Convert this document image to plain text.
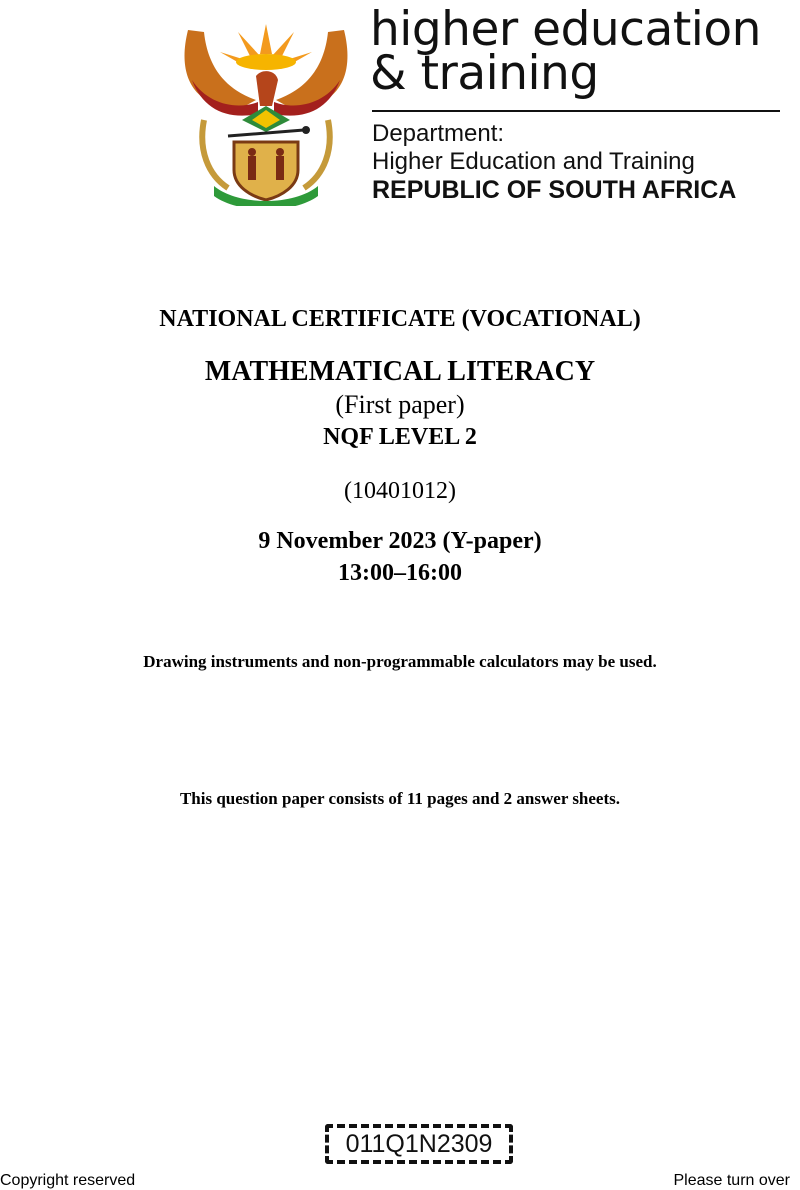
higher education
& training
Department:
Higher Education and Training
REPUBLIC OF SOUTH AFRICA
NATIONAL CERTIFICATE (VOCATIONAL)
MATHEMATICAL LITERACY
(First paper)
NQF LEVEL 2
(10401012)
9 November 2023 (Y-paper)
13:00–16:00
Drawing instruments and non-programmable calculators may be used.
This question paper consists of 11 pages and 2 answer sheets.
011Q1N2309
Copyright reserved	Please turn over
